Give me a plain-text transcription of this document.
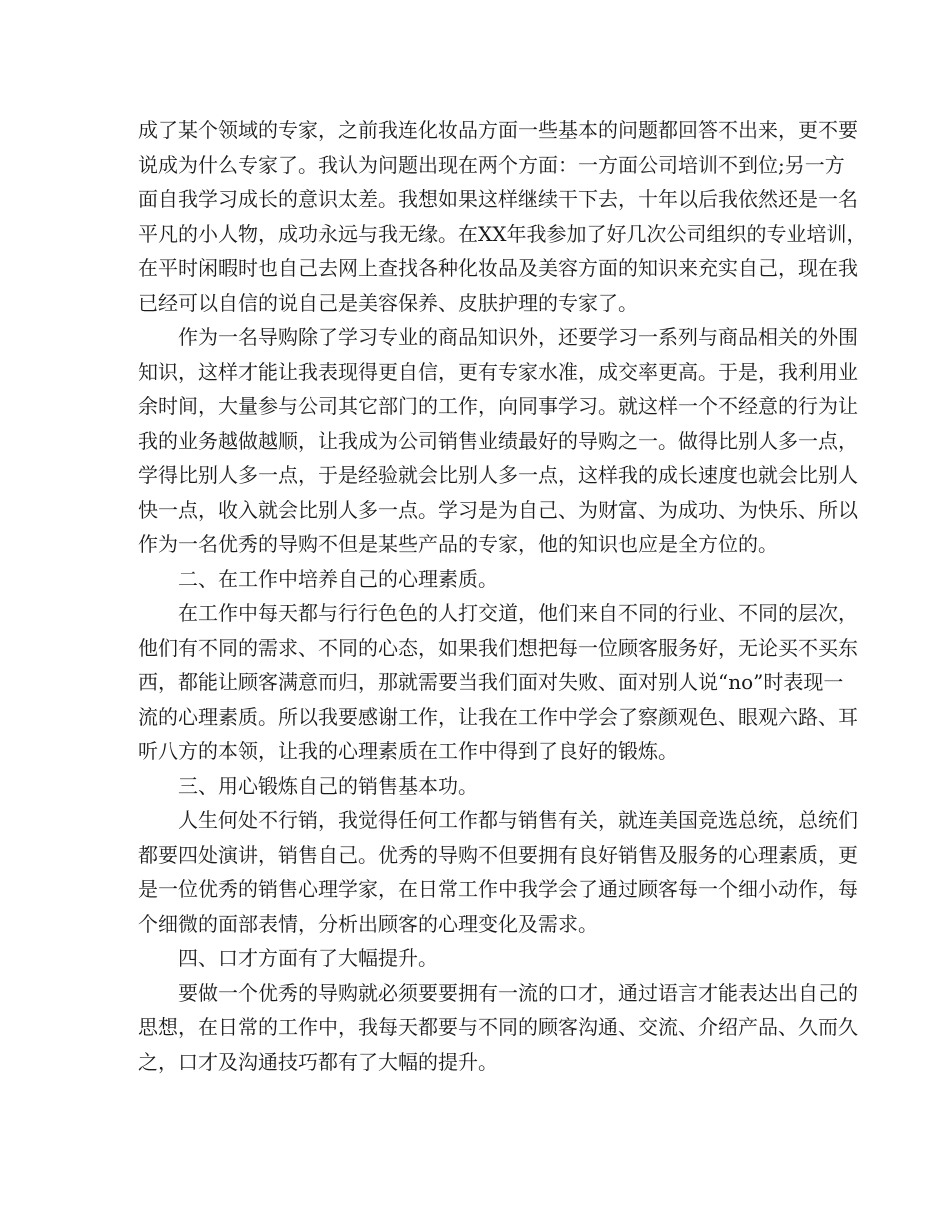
成了某个领域的专家，之前我连化妆品方面一些基本的问题都回答不出来，更不要
说成为什么专家了。我认为问题出现在两个方面：一方面公司培训不到位;另一方
面自我学习成长的意识太差。我想如果这样继续干下去，十年以后我依然还是一名
平凡的小人物，成功永远与我无缘。在XX年我参加了好几次公司组织的专业培训，
在平时闲暇时也自己去网上查找各种化妆品及美容方面的知识来充实自己，现在我
已经可以自信的说自己是美容保养、皮肤护理的专家了。
作为一名导购除了学习专业的商品知识外，还要学习一系列与商品相关的外围
知识，这样才能让我表现得更自信，更有专家水准，成交率更高。于是，我利用业
余时间，大量参与公司其它部门的工作，向同事学习。就这样一个不经意的行为让
我的业务越做越顺，让我成为公司销售业绩最好的导购之一。做得比别人多一点，
学得比别人多一点，于是经验就会比别人多一点，这样我的成长速度也就会比别人
快一点，收入就会比别人多一点。学习是为自己、为财富、为成功、为快乐、所以
作为一名优秀的导购不但是某些产品的专家，他的知识也应是全方位的。
二、在工作中培养自己的心理素质。
在工作中每天都与行行色色的人打交道，他们来自不同的行业、不同的层次，
他们有不同的需求、不同的心态，如果我们想把每一位顾客服务好，无论买不买东
西，都能让顾客满意而归，那就需要当我们面对失败、面对别人说“no”时表现一
流的心理素质。所以我要感谢工作，让我在工作中学会了察颜观色、眼观六路、耳
听八方的本领，让我的心理素质在工作中得到了良好的锻炼。
三、用心锻炼自己的销售基本功。
人生何处不行销，我觉得任何工作都与销售有关，就连美国竞选总统，总统们
都要四处演讲，销售自己。优秀的导购不但要拥有良好销售及服务的心理素质，更
是一位优秀的销售心理学家，在日常工作中我学会了通过顾客每一个细小动作，每
个细微的面部表情，分析出顾客的心理变化及需求。
四、口才方面有了大幅提升。
要做一个优秀的导购就必须要要拥有一流的口才，通过语言才能表达出自己的
思想，在日常的工作中，我每天都要与不同的顾客沟通、交流、介绍产品、久而久
之，口才及沟通技巧都有了大幅的提升。
